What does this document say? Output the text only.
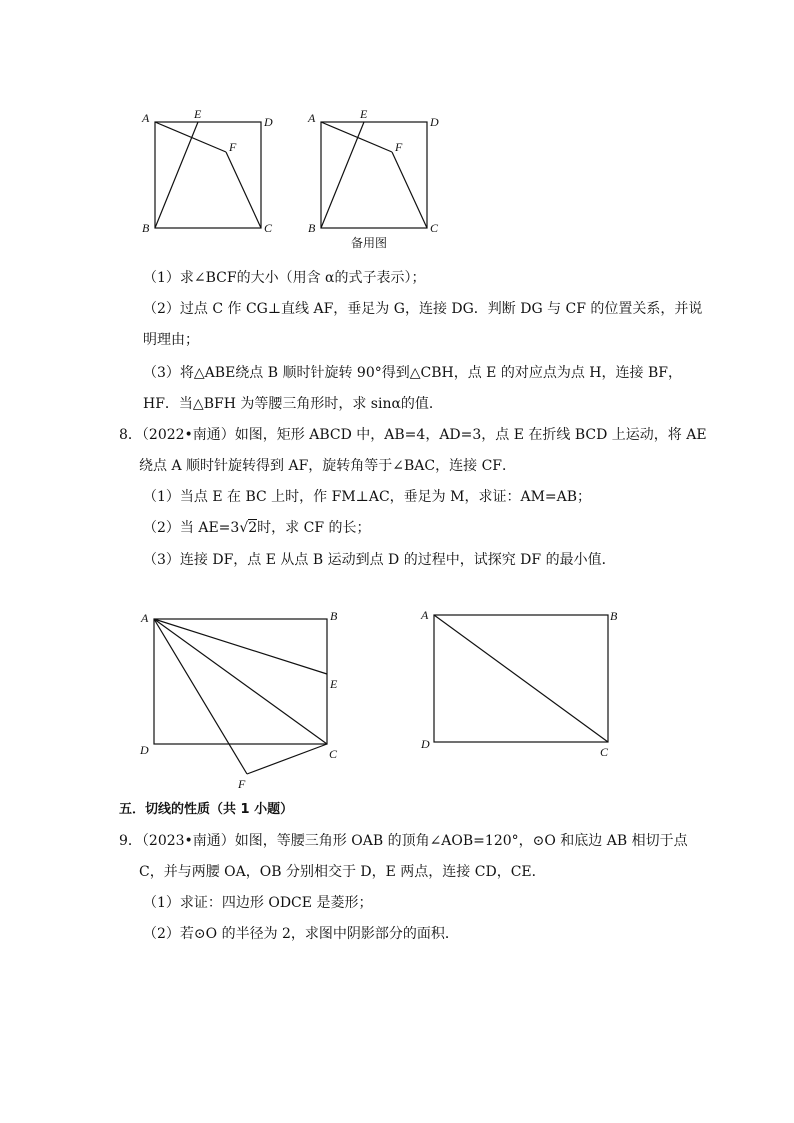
A	E
D
F
B	C
A	E
D
F
B	C
备用图
（1）求∠BCF的大小（用含 α的式子表示）；
（2）过点 C 作 CG⊥直线 AF，垂足为 G，连接 DG．判断 DG 与 CF 的位置关系，并说
明理由；
（3）将△ABE绕点 B 顺时针旋转 90°得到△CBH，点 E 的对应点为点 H，连接 BF，
HF．当△BFH 为等腰三角形时，求 sinα的值．
8．（2022•南通）如图，矩形 ABCD 中，AB=4，AD=3，点 E 在折线 BCD 上运动，将 AE
绕点 A 顺时针旋转得到 AF，旋转角等于∠BAC，连接 CF．
（1）当点 E 在 BC 上时，作 FM⊥AC，垂足为 M，求证：AM=AB；
（2）当 AE=3√2时，求 CF 的长；
（3）连接 DF，点 E 从点 B 运动到点 D 的过程中，试探究 DF 的最小值．
A	B
E
D	C
F
A	B
D
C
五．切线的性质（共 1 小题）
9．（2023•南通）如图，等腰三角形 OAB 的顶角∠AOB=120°，⊙O 和底边 AB 相切于点
C，并与两腰 OA，OB 分别相交于 D，E 两点，连接 CD，CE．
（1）求证：四边形 ODCE 是菱形；
（2）若⊙O 的半径为 2，求图中阴影部分的面积．
